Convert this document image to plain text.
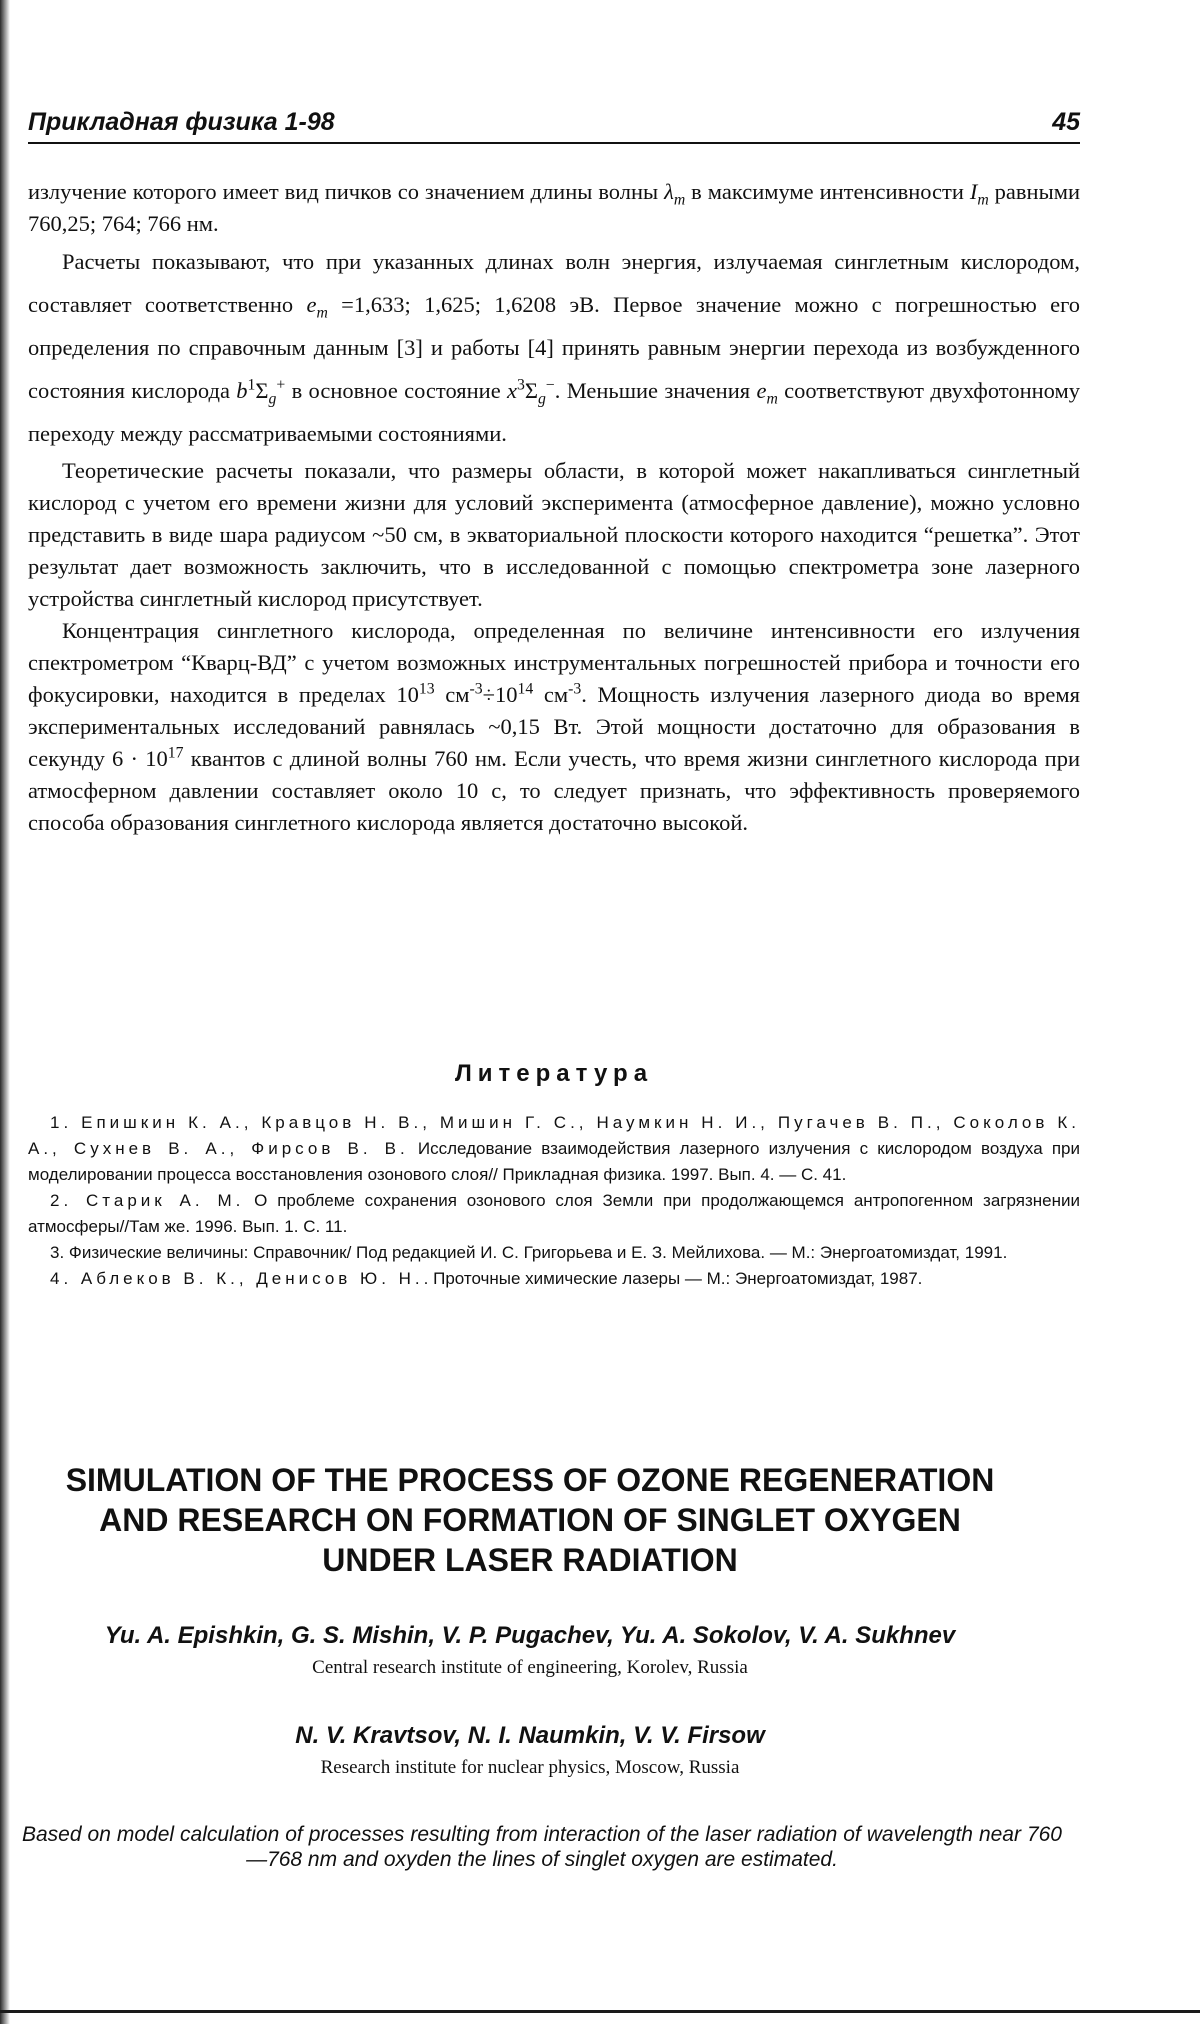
Прикладная физика 1-98	45

излучение которого имеет вид пичков со значением длины волны $\lambda_m$ в максимуме интенсивности $I_m$ равными 760,25; 764; 766 нм.

Расчеты показывают, что при указанных длинах волн энергия, излучаемая синглетным кислородом, составляет соответственно $e_m =1,633$; 1,625; 1,6208 эВ. Первое значение можно с погрешностью его определения по справочным данным [3] и работы [4] принять равным энергии перехода из возбужденного состояния кислорода $b^1\Sigma_g^+$ в основное состояние $x^3\Sigma_g^-$. Меньшие значения $e_m$ соответствуют двухфотонному переходу между рассматриваемыми состояниями.

Теоретические расчеты показали, что размеры области, в которой может накапливаться синглетный кислород с учетом его времени жизни для условий эксперимента (атмосферное давление), можно условно представить в виде шара радиусом ~50 см, в экваториальной плоскости которого находится “решетка”. Этот результат дает возможность заключить, что в исследованной с помощью спектрометра зоне лазерного устройства синглетный кислород присутствует.

Концентрация синглетного кислорода, определенная по величине интенсивности его излучения спектрометром “Кварц-ВД” с учетом возможных инструментальных погрешностей прибора и точности его фокусировки, находится в пределах $10^{13}$ $см^{-3}\div 10^{14}$ $см^{-3}$. Мощность излучения лазерного диода во время экспериментальных исследований равнялась ~0,15 Вт. Этой мощности достаточно для образования в секунду $6 \cdot 10^{17}$ квантов с длиной волны 760 нм. Если учесть, что время жизни синглетного кислорода при атмосферном давлении составляет около 10 с, то следует признать, что эффективность проверяемого способа образования синглетного кислорода является достаточно высокой.

Литература

1. Епишкин К. А., Кравцов Н. В., Мишин Г. С., Наумкин Н. И., Пугачев В. П., Соколов К. А., Сухнев В. А., Фирсов В. В. Исследование взаимодействия лазерного излучения с кислородом воздуха при моделировании процесса восстановления озонового слоя// Прикладная физика. 1997. Вып. 4. — С. 41.

2. Старик А. М. О проблеме сохранения озонового слоя Земли при продолжающемся антропогенном загрязнении атмосферы//Там же. 1996. Вып. 1. С. 11.

3. Физические величины: Справочник/ Под редакцией И. С. Григорьева и Е. З. Мейлихова. — М.: Энергоатомиздат, 1991.

4. Аблеков В. К., Денисов Ю. Н.. Проточные химические лазеры — М.: Энергоатомиздат, 1987.

SIMULATION OF THE PROCESS OF OZONE REGENERATION
AND RESEARCH ON FORMATION OF SINGLET OXYGEN
UNDER LASER RADIATION
Yu. A. Epishkin, G. S. Mishin, V. P. Pugachev, Yu. A. Sokolov, V. A. Sukhnev
Central research institute of engineering, Korolev, Russia
N. V. Kravtsov, N. I. Naumkin, V. V. Firsow
Research institute for nuclear physics, Moscow, Russia
Based on model calculation of processes resulting from interaction of the laser radiation of wavelength near 760—768 nm and oxyden the lines of singlet oxygen are estimated.
